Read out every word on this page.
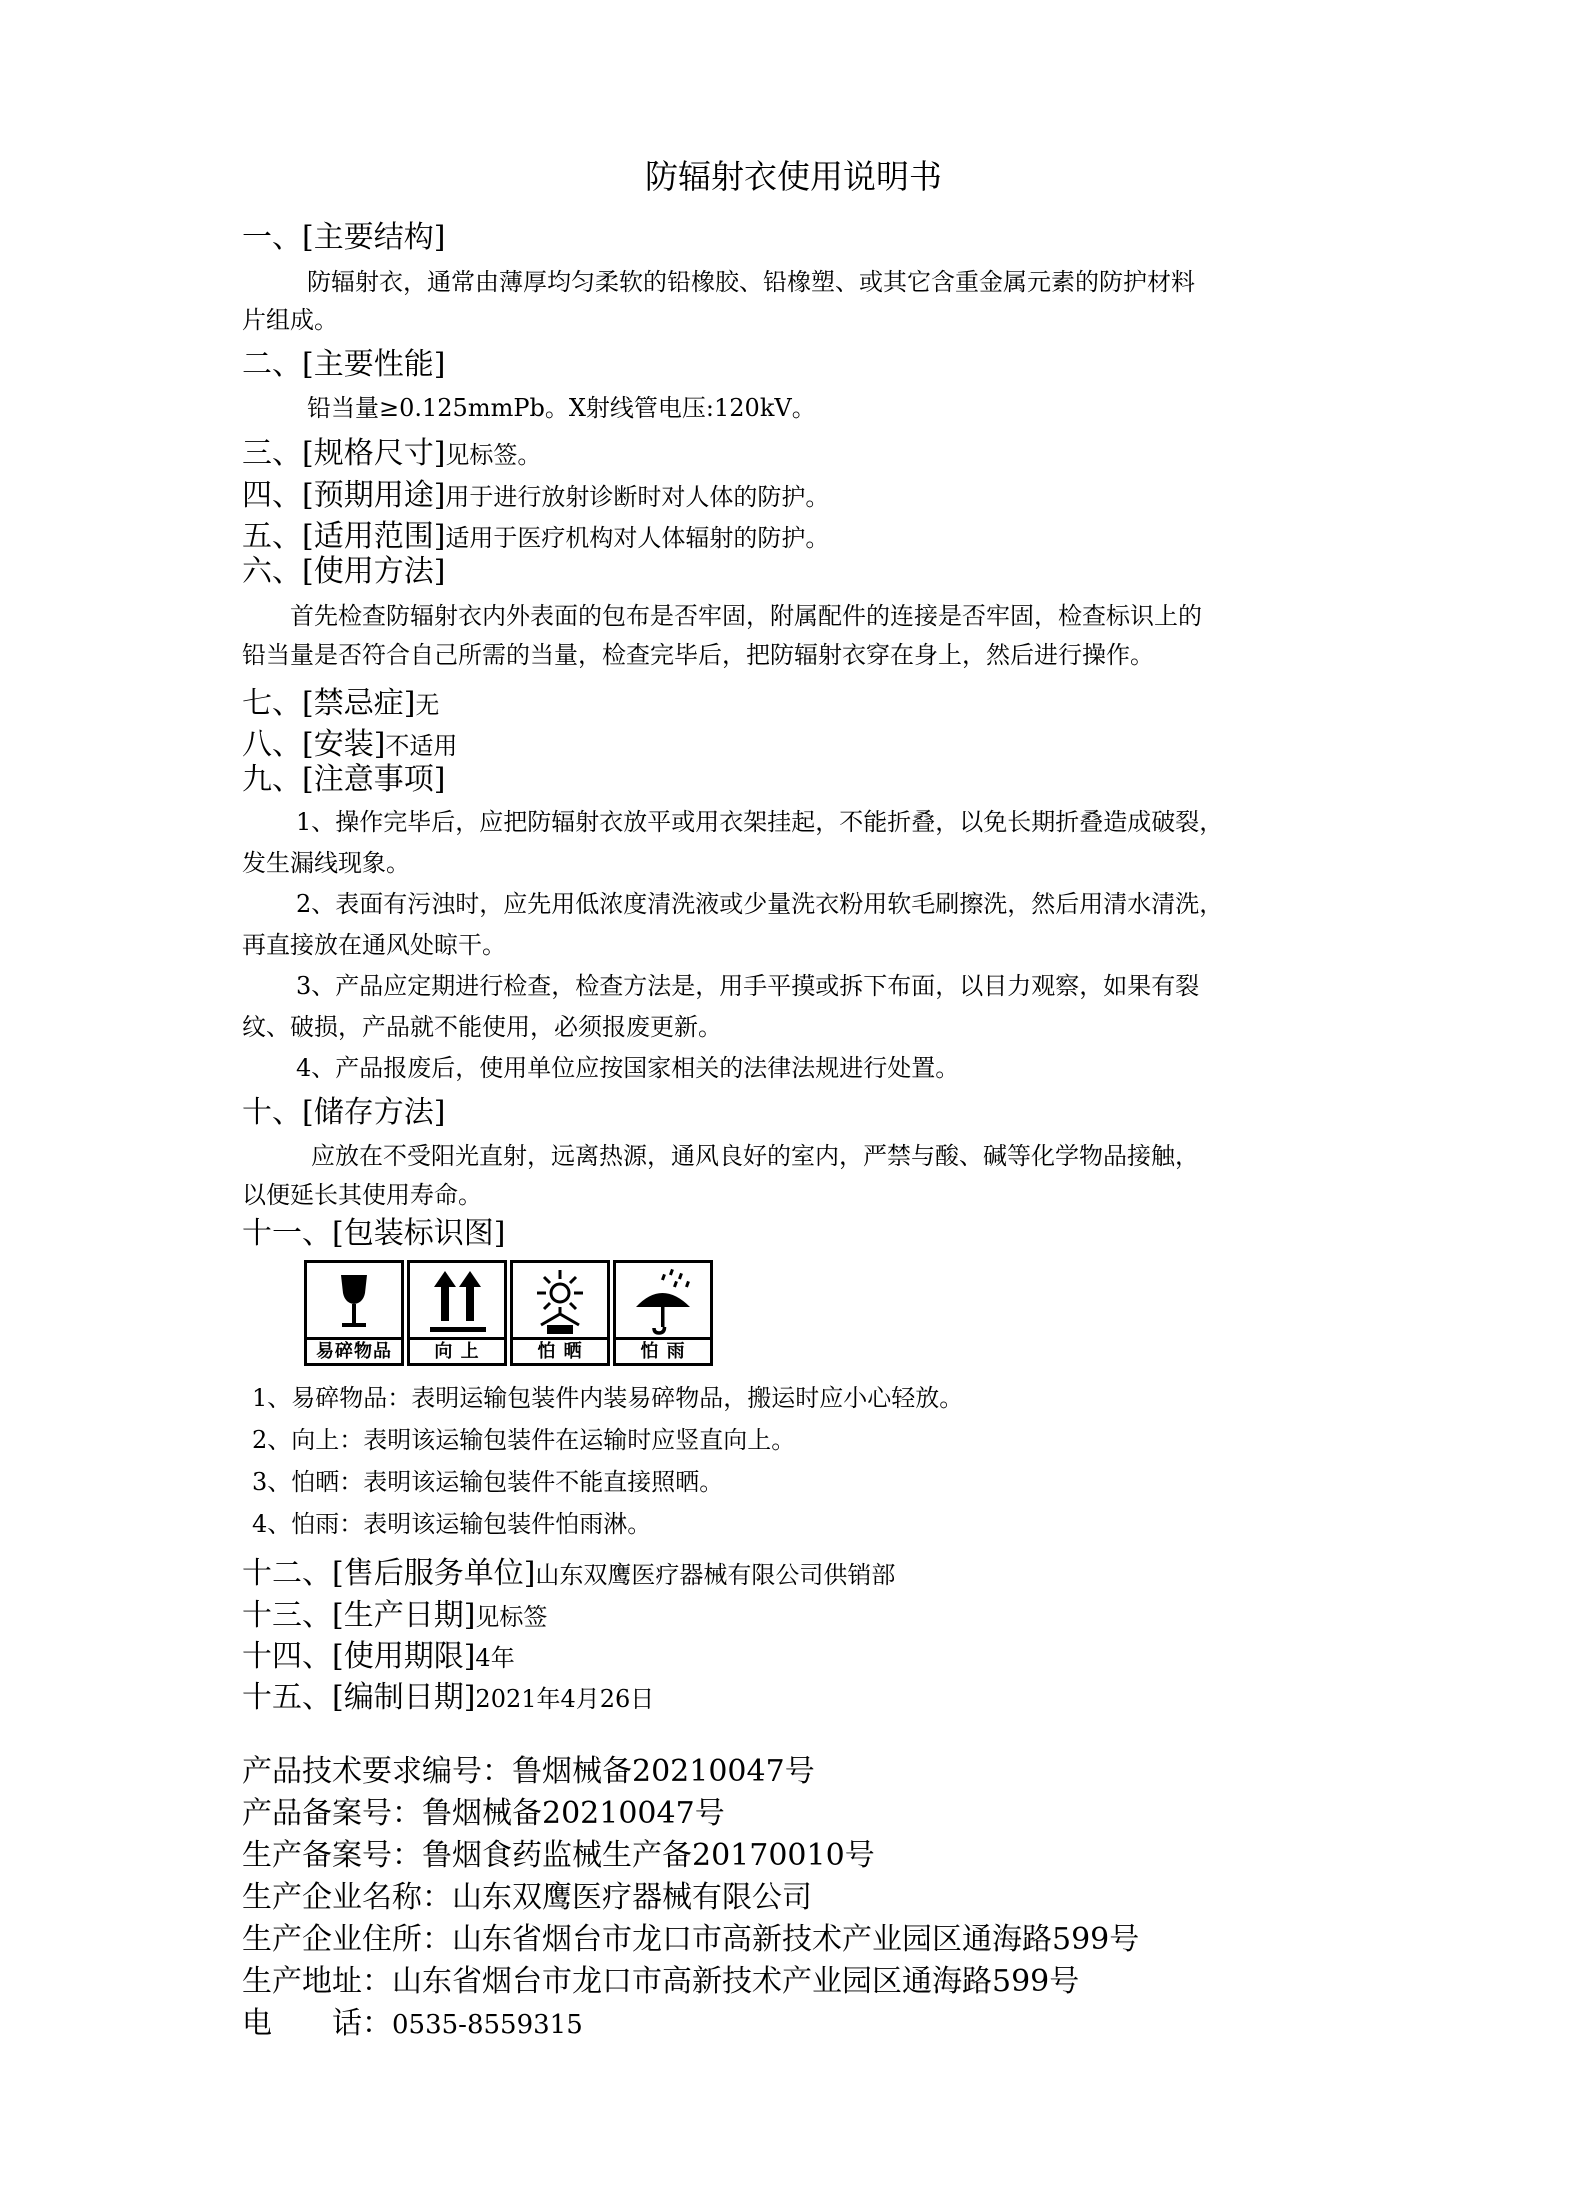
防辐射衣使用说明书
一、[主要结构]
防辐射衣，通常由薄厚均匀柔软的铅橡胶、铅橡塑、或其它含重金属元素的防护材料
片组成。
二、[主要性能]
铅当量≥0.125mmPb。X射线管电压:120kV。
三、[规格尺寸]见标签。
四、[预期用途]用于进行放射诊断时对人体的防护。
五、[适用范围]适用于医疗机构对人体辐射的防护。
六、[使用方法]
首先检查防辐射衣内外表面的包布是否牢固，附属配件的连接是否牢固，检查标识上的
铅当量是否符合自己所需的当量，检查完毕后，把防辐射衣穿在身上，然后进行操作。
七、[禁忌症]无
八、[安装]不适用
九、[注意事项]
1、操作完毕后，应把防辐射衣放平或用衣架挂起，不能折叠，以免长期折叠造成破裂，
发生漏线现象。
2、表面有污浊时，应先用低浓度清洗液或少量洗衣粉用软毛刷擦洗，然后用清水清洗，
再直接放在通风处晾干。
3、产品应定期进行检查，检查方法是，用手平摸或拆下布面，以目力观察，如果有裂
纹、破损，产品就不能使用，必须报废更新。
4、产品报废后，使用单位应按国家相关的法律法规进行处置。
十、[储存方法]
应放在不受阳光直射，远离热源，通风良好的室内，严禁与酸、碱等化学物品接触，
以便延长其使用寿命。
十一、[包装标识图]
易碎物品	向 上	怕 晒	怕 雨
1、易碎物品：表明运输包装件内装易碎物品，搬运时应小心轻放。
2、向上：表明该运输包装件在运输时应竖直向上。
3、怕晒：表明该运输包装件不能直接照晒。
4、怕雨：表明该运输包装件怕雨淋。
十二、[售后服务单位]山东双鹰医疗器械有限公司供销部
十三、[生产日期]见标签
十四、[使用期限]4年
十五、[编制日期]2021年4月26日
产品技术要求编号：鲁烟械备20210047号
产品备案号：鲁烟械备20210047号
生产备案号：鲁烟食药监械生产备20170010号
生产企业名称：山东双鹰医疗器械有限公司
生产企业住所：山东省烟台市龙口市高新技术产业园区通海路599号
生产地址：山东省烟台市龙口市高新技术产业园区通海路599号
电　　话：0535-8559315
